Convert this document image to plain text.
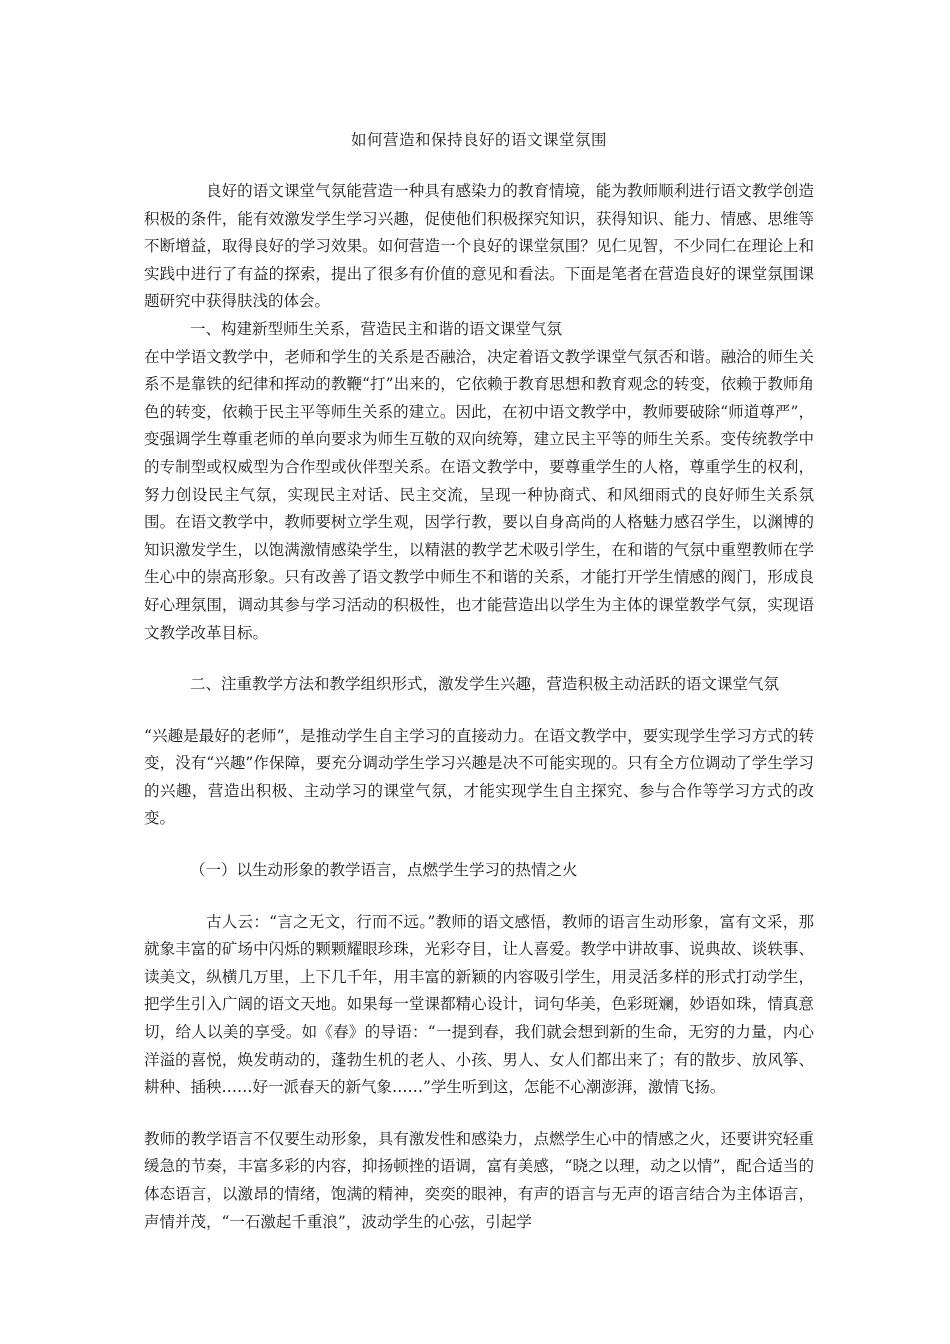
如何营造和保持良好的语文课堂氛围

良好的语文课堂气氛能营造一种具有感染力的教育情境，能为教师顺利进行语文教学创造积极的条件，能有效激发学生学习兴趣，促使他们积极探究知识，获得知识、能力、情感、思维等不断增益，取得良好的学习效果。如何营造一个良好的课堂氛围？见仁见智，不少同仁在理论上和实践中进行了有益的探索，提出了很多有价值的意见和看法。下面是笔者在营造良好的课堂氛围课题研究中获得肤浅的体会。

一、构建新型师生关系，营造民主和谐的语文课堂气氛

在中学语文教学中，老师和学生的关系是否融洽，决定着语文教学课堂气氛否和谐。融洽的师生关系不是靠铁的纪律和挥动的教鞭“打”出来的，它依赖于教育思想和教育观念的转变，依赖于教师角色的转变，依赖于民主平等师生关系的建立。因此，在初中语文教学中，教师要破除“师道尊严”，变强调学生尊重老师的单向要求为师生互敬的双向统筹，建立民主平等的师生关系。变传统教学中的专制型或权威型为合作型或伙伴型关系。在语文教学中，要尊重学生的人格，尊重学生的权利，努力创设民主气氛，实现民主对话、民主交流，呈现一种协商式、和风细雨式的良好师生关系氛围。在语文教学中，教师要树立学生观，因学行教，要以自身高尚的人格魅力感召学生，以渊博的知识激发学生，以饱满激情感染学生，以精湛的教学艺术吸引学生，在和谐的气氛中重塑教师在学生心中的崇高形象。只有改善了语文教学中师生不和谐的关系，才能打开学生情感的阀门，形成良好心理氛围，调动其参与学习活动的积极性，也才能营造出以学生为主体的课堂教学气氛，实现语文教学改革目标。

二、注重教学方法和教学组织形式，激发学生兴趣，营造积极主动活跃的语文课堂气氛

“兴趣是最好的老师”，是推动学生自主学习的直接动力。在语文教学中，要实现学生学习方式的转变，没有“兴趣”作保障，要充分调动学生学习兴趣是决不可能实现的。只有全方位调动了学生学习的兴趣，营造出积极、主动学习的课堂气氛，才能实现学生自主探究、参与合作等学习方式的改变。

（一）以生动形象的教学语言，点燃学生学习的热情之火

古人云：“言之无文，行而不远。”教师的语文感悟，教师的语言生动形象，富有文采，那就象丰富的矿场中闪烁的颗颗耀眼珍珠，光彩夺目，让人喜爱。教学中讲故事、说典故、谈轶事、读美文，纵横几万里，上下几千年，用丰富的新颖的内容吸引学生，用灵活多样的形式打动学生，把学生引入广阔的语文天地。如果每一堂课都精心设计，词句华美，色彩斑斓，妙语如珠，情真意切，给人以美的享受。如《春》的导语：“一提到春，我们就会想到新的生命，无穷的力量，内心洋溢的喜悦，焕发萌动的，蓬勃生机的老人、小孩、男人、女人们都出来了；有的散步、放风筝、耕种、插秧……好一派春天的新气象……”学生听到这，怎能不心潮澎湃，激情飞扬。

教师的教学语言不仅要生动形象，具有激发性和感染力，点燃学生心中的情感之火，还要讲究轻重缓急的节奏，丰富多彩的内容，抑扬顿挫的语调，富有美感，“晓之以理，动之以情”，配合适当的体态语言，以激昂的情绪，饱满的精神，奕奕的眼神，有声的语言与无声的语言结合为主体语言，声情并茂，“一石激起千重浪”，波动学生的心弦，引起学
